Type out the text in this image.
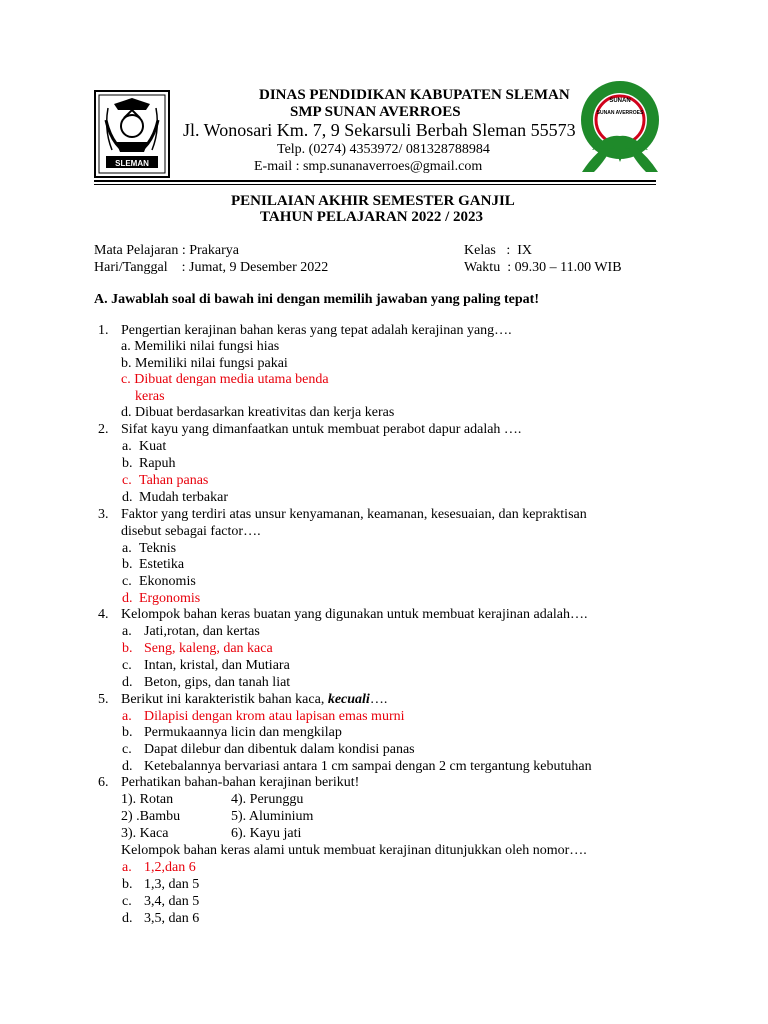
SLEMAN
SUNAN
SUNAN AVERROES
DINAS PENDIDIKAN KABUPATEN SLEMAN
SMP SUNAN AVERROES
Jl. Wonosari Km. 7, 9 Sekarsuli Berbah Sleman 55573
Telp. (0274) 4353972/ 081328788984
E-mail : smp.sunanaverroes@gmail.com
PENILAIAN AKHIR SEMESTER GANJIL
TAHUN PELAJARAN 2022 / 2023
Mata Pelajaran : Prakarya
Hari/Tanggal    : Jumat, 9 Desember 2022
Kelas   :  IX
Waktu  : 09.30 – 11.00 WIB
A. Jawablah soal di bawah ini dengan memilih jawaban yang paling tepat!
1. Pengertian kerajinan bahan keras yang tepat adalah kerajinan yang….
a. Memiliki nilai fungsi hias
b. Memiliki nilai fungsi pakai
c. Dibuat dengan media utama benda
keras
d. Dibuat berdasarkan kreativitas dan kerja keras
2. Sifat kayu yang dimanfaatkan untuk membuat perabot dapur adalah ….
a. Kuat
b. Rapuh
c. Tahan panas
d. Mudah terbakar
3. Faktor yang terdiri atas unsur kenyamanan, keamanan, kesesuaian, dan kepraktisan
disebut sebagai factor….
a. Teknis
b. Estetika
c. Ekonomis
d. Ergonomis
4. Kelompok bahan keras buatan yang digunakan untuk membuat kerajinan adalah….
a. Jati,rotan, dan kertas
b. Seng, kaleng, dan kaca
c. Intan, kristal, dan Mutiara
d. Beton, gips, dan tanah liat
5. Berikut ini karakteristik bahan kaca, kecuali….
a. Dilapisi dengan krom atau lapisan emas murni
b. Permukaannya licin dan mengkilap
c. Dapat dilebur dan dibentuk dalam kondisi panas
d. Ketebalannya bervariasi antara 1 cm sampai dengan 2 cm tergantung kebutuhan
6. Perhatikan bahan-bahan kerajinan berikut!
1). Rotan	4). Perunggu
2) .Bambu	5). Aluminium
3). Kaca	6). Kayu jati
Kelompok bahan keras alami untuk membuat kerajinan ditunjukkan oleh nomor….
a. 1,2,dan 6
b. 1,3, dan 5
c. 3,4, dan 5
d. 3,5, dan 6
